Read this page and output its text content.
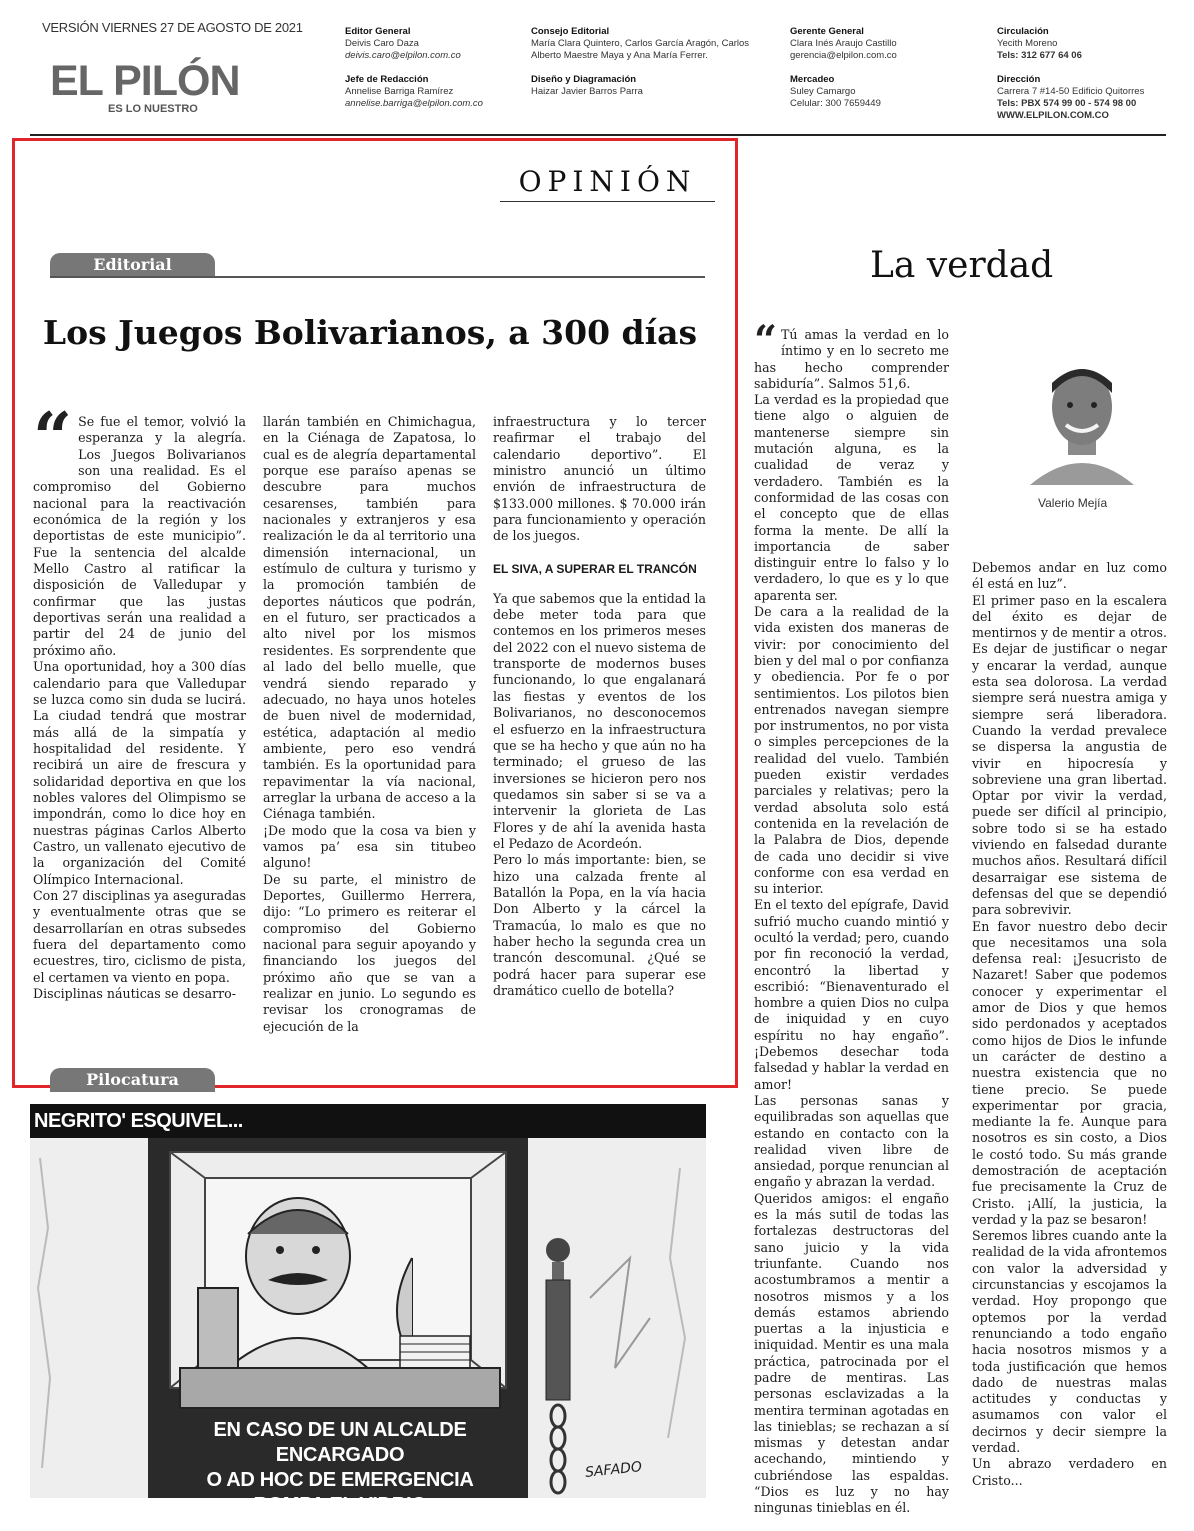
VERSIÓN VIERNES 27 DE AGOSTO DE 2021
EL PILÓN
ES LO NUESTRO
Editor General
Deivis Caro Daza
deivis.caro@elpilon.com.co
Jefe de Redacción
Annelise Barriga Ramírez
annelise.barriga@elpilon.com.co
Consejo Editorial
María Clara Quintero, Carlos García Aragón, Carlos Alberto Maestre Maya y Ana María Ferrer.
Diseño y Diagramación
Haizar Javier Barros Parra
Gerente General
Clara Inés Araujo Castillo
gerencia@elpilon.com.co
Mercadeo
Suley Camargo
Celular: 300 7659449
Circulación
Yecith Moreno
Tels: 312 677 64 06
Dirección
Carrera 7 #14-50 Edificio Quitorres
Tels: PBX 574 99 00 - 574 98 00
WWW.ELPILON.COM.CO
OPINIÓN
Editorial
Los Juegos Bolivarianos, a 300 días
“ Se fue el temor, volvió la esperanza y la alegría. Los Juegos Bolivarianos son una realidad. Es el compromiso del Gobierno nacional para la reactivación económica de la región y los deportistas de este municipio”. Fue la sentencia del alcalde Mello Castro al ratificar la disposición de Valledupar y confirmar que las justas deportivas serán una realidad a partir del 24 de junio del próximo año.

Una oportunidad, hoy a 300 días calendario para que Valledupar se luzca como sin duda se lucirá. La ciudad tendrá que mostrar más allá de la simpatía y hospitalidad del residente. Y recibirá un aire de frescura y solidaridad deportiva en que los nobles valores del Olimpismo se impondrán, como lo dice hoy en nuestras páginas Carlos Alberto Castro, un vallenato ejecutivo de la organización del Comité Olímpico Internacional.

Con 27 disciplinas ya aseguradas y eventualmente otras que se desarrollarían en otras subsedes fuera del departamento como ecuestres, tiro, ciclismo de pista, el certamen va viento en popa.

Disciplinas náuticas se desarro-

llarán también en Chimichagua, en la Ciénaga de Zapatosa, lo cual es de alegría departamental porque ese paraíso apenas se descubre para muchos cesarenses, también para nacionales y extranjeros y esa realización le da al territorio una dimensión internacional, un estímulo de cultura y turismo y la promoción también de deportes náuticos que podrán, en el futuro, ser practicados a alto nivel por los mismos residentes. Es sorprendente que al lado del bello muelle, que vendrá siendo reparado y adecuado, no haya unos hoteles de buen nivel de modernidad, estética, adaptación al medio ambiente, pero eso vendrá también. Es la oportunidad para repavimentar la vía nacional, arreglar la urbana de acceso a la Ciénaga también.

¡De modo que la cosa va bien y vamos pa’ esa sin titubeo alguno!

De su parte, el ministro de Deportes, Guillermo Herrera, dijo: “Lo primero es reiterar el compromiso del Gobierno nacional para seguir apoyando y financiando los juegos del próximo año que se van a realizar en junio. Lo segundo es revisar los cronogramas de ejecución de la

infraestructura y lo tercer reafirmar el trabajo del calendario deportivo”. El ministro anunció un último envión de infraestructura de $133.000 millones. $ 70.000 irán para funcionamiento y operación de los juegos.

EL SIVA, A SUPERAR EL TRANCÓN

Ya que sabemos que la entidad la debe meter toda para que contemos en los primeros meses del 2022 con el nuevo sistema de transporte de modernos buses funcionando, lo que engalanará las fiestas y eventos de los Bolivarianos, no desconocemos el esfuerzo en la infraestructura que se ha hecho y que aún no ha terminado; el grueso de las inversiones se hicieron pero nos quedamos sin saber si se va a intervenir la glorieta de Las Flores y de ahí la avenida hasta el Pedazo de Acordeón.

Pero lo más importante: bien, se hizo una calzada frente al Batallón la Popa, en la vía hacia Don Alberto y la cárcel la Tramacúa, lo malo es que no haber hecho la segunda crea un trancón descomunal. ¿Qué se podrá hacer para superar ese dramático cuello de botella?

Pilocatura
NEGRITO' ESQUIVEL...
EN CASO DE UN ALCALDE ENCARGADO
O AD HOC DE EMERGENCIA
ROMPA EL VIDRIO
SAFADO
La verdad
Valerio Mejía
“ Tú amas la verdad en lo íntimo y en lo secreto me has hecho comprender sabiduría”. Salmos 51,6.

La verdad es la propiedad que tiene algo o alguien de mantenerse siempre sin mutación alguna, es la cualidad de veraz y verdadero. También es la conformidad de las cosas con el concepto que de ellas forma la mente. De allí la importancia de saber distinguir entre lo falso y lo verdadero, lo que es y lo que aparenta ser.

De cara a la realidad de la vida existen dos maneras de vivir: por conocimiento del bien y del mal o por confianza y obediencia. Por fe o por sentimientos. Los pilotos bien entrenados navegan siempre por instrumentos, no por vista o simples percepciones de la realidad del vuelo. También pueden existir verdades parciales y relativas; pero la verdad absoluta solo está contenida en la revelación de la Palabra de Dios, depende de cada uno decidir si vive conforme con esa verdad en su interior.

En el texto del epígrafe, David sufrió mucho cuando mintió y ocultó la verdad; pero, cuando por fin reconoció la verdad, encontró la libertad y escribió: “Bienaventurado el hombre a quien Dios no culpa de iniquidad y en cuyo espíritu no hay engaño”. ¡Debemos desechar toda falsedad y hablar la verdad en amor!

Las personas sanas y equilibradas son aquellas que estando en contacto con la realidad viven libre de ansiedad, porque renuncian al engaño y abrazan la verdad.

Queridos amigos: el engaño es la más sutil de todas las fortalezas destructoras del sano juicio y la vida triunfante. Cuando nos acostumbramos a mentir a nosotros mismos y a los demás estamos abriendo puertas a la injusticia e iniquidad. Mentir es una mala práctica, patrocinada por el padre de mentiras. Las personas esclavizadas a la mentira terminan agotadas en las tinieblas; se rechazan a sí mismas y detestan andar acechando, mintiendo y cubriéndose las espaldas. “Dios es luz y no hay ningunas tinieblas en él.

Debemos andar en luz como él está en luz”.

El primer paso en la escalera del éxito es dejar de mentirnos y de mentir a otros. Es dejar de justificar o negar y encarar la verdad, aunque esta sea dolorosa. La verdad siempre será nuestra amiga y siempre será liberadora. Cuando la verdad prevalece se dispersa la angustia de vivir en hipocresía y sobreviene una gran libertad. Optar por vivir la verdad, puede ser difícil al principio, sobre todo si se ha estado viviendo en falsedad durante muchos años. Resultará difícil desarraigar ese sistema de defensas del que se dependió para sobrevivir.

En favor nuestro debo decir que necesitamos una sola defensa real: ¡Jesucristo de Nazaret! Saber que podemos conocer y experimentar el amor de Dios y que hemos sido perdonados y aceptados como hijos de Dios le infunde un carácter de destino a nuestra existencia que no tiene precio. Se puede experimentar por gracia, mediante la fe. Aunque para nosotros es sin costo, a Dios le costó todo. Su más grande demostración de aceptación fue precisamente la Cruz de Cristo. ¡Allí, la justicia, la verdad y la paz se besaron!

Seremos libres cuando ante la realidad de la vida afrontemos con valor la adversidad y circunstancias y escojamos la verdad. Hoy propongo que optemos por la verdad renunciando a todo engaño hacia nosotros mismos y a toda justificación que hemos dado de nuestras malas actitudes y conductas y asumamos con valor el decirnos y decir siempre la verdad.

Un abrazo verdadero en Cristo...
